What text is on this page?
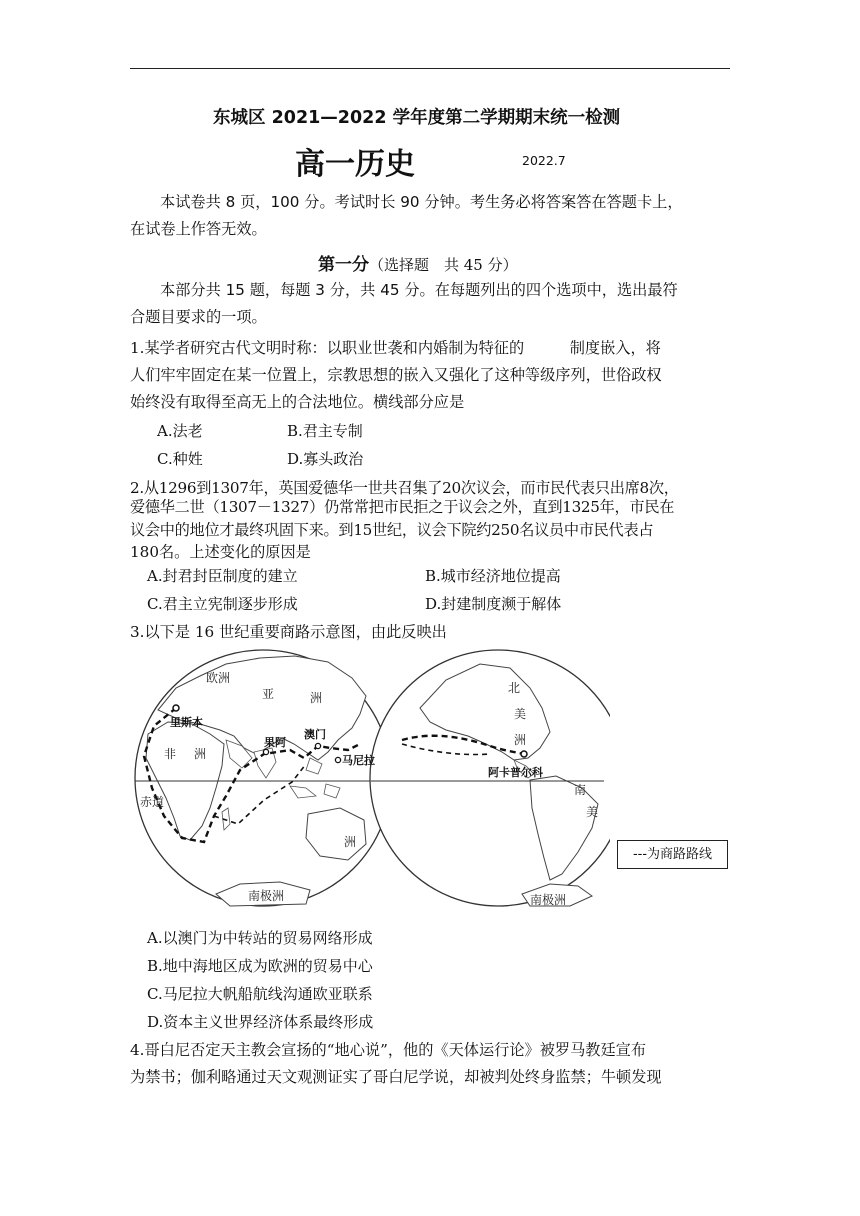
东城区 2021—2022 学年度第二学期期末统一检测
高一历史	2022.7
本试卷共 8 页，100 分。考试时长 90 分钟。考生务必将答案答在答题卡上，
在试卷上作答无效。
第一分（选择题　共 45 分）
本部分共 15 题，每题 3 分，共 45 分。在每题列出的四个选项中，选出最符
合题目要求的一项。
1.某学者研究古代文明时称：以职业世袭和内婚制为特征的　　　制度嵌入，将
人们牢牢固定在某一位置上，宗教思想的嵌入又强化了这种等级序列，世俗政权
始终没有取得至高无上的合法地位。横线部分应是
A.法老	B.君主专制
C.种姓	D.寡头政治
2.从1296到1307年，英国爱德华一世共召集了20次议会，而市民代表只出席8次，
爱德华二世（1307－1327）仍常常把市民拒之于议会之外，直到1325年，市民在
议会中的地位才最终巩固下来。到15世纪，议会下院约250名议员中市民代表占
180名。上述变化的原因是
A.封君封臣制度的建立	B.城市经济地位提高
C.君主立宪制逐步形成	D.封建制度濒于解体
3.以下是 16 世纪重要商路示意图，由此反映出
欧洲
亚	洲
非 洲
里斯本
果阿
澳门
马尼拉
赤道
洲
南极洲
北
美
洲
阿卡普尔科
南
美
南极洲
---为商路路线
A.以澳门为中转站的贸易网络形成
B.地中海地区成为欧洲的贸易中心
C.马尼拉大帆船航线沟通欧亚联系
D.资本主义世界经济体系最终形成
4.哥白尼否定天主教会宣扬的“地心说”，他的《天体运行论》被罗马教廷宣布
为禁书；伽利略通过天文观测证实了哥白尼学说，却被判处终身监禁；牛顿发现
